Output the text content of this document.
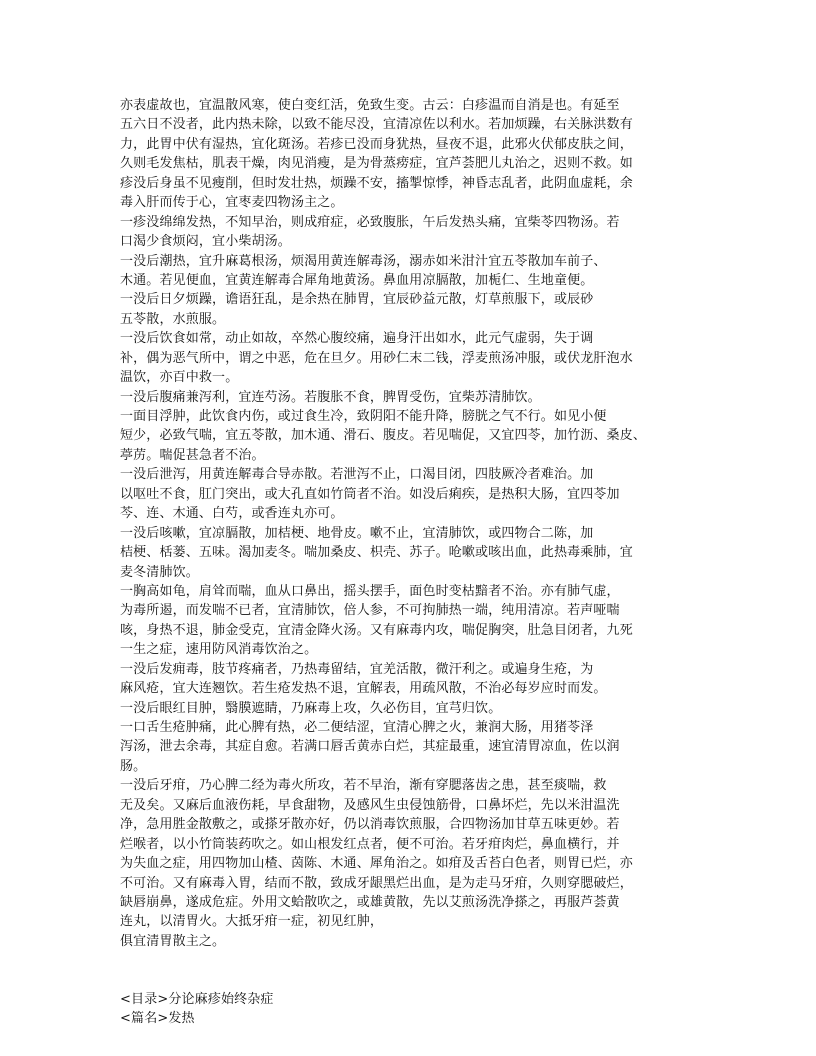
亦表虚故也，宜温散风寒，使白变红活，免致生变。古云：白疹温而自消是也。有延至
五六日不没者，此内热未除，以致不能尽没，宜清凉佐以利水。若加烦躁，右关脉洪数有
力，此胃中伏有湿热，宜化斑汤。若疹已没而身犹热，昼夜不退，此邪火伏郁皮肤之间，
久则毛发焦枯，肌表干燥，肉见消瘦，是为骨蒸痨症，宜芦荟肥儿丸治之，迟则不救。如
疹没后身虽不见瘦削，但时发壮热，烦躁不安，搐掣惊悸，神昏志乱者，此阴血虚耗，余
毒入肝而传于心，宜枣麦四物汤主之。
一疹没绵绵发热，不知早治，则成疳症，必致腹胀，午后发热头痛，宜柴苓四物汤。若
口渴少食烦闷，宜小柴胡汤。
一没后潮热，宜升麻葛根汤，烦渴用黄连解毒汤，溺赤如米泔汁宜五苓散加车前子、
木通。若见便血，宜黄连解毒合犀角地黄汤。鼻血用凉膈散，加栀仁、生地童便。
一没后日夕烦躁，谵语狂乱，是余热在肺胃，宜辰砂益元散，灯草煎服下，或辰砂
五苓散，水煎服。
一没后饮食如常，动止如故，卒然心腹绞痛，遍身汗出如水，此元气虚弱，失于调
补，偶为恶气所中，谓之中恶，危在旦夕。用砂仁末二钱，浮麦煎汤冲服，或伏龙肝泡水
温饮，亦百中救一。
一没后腹痛兼泻利，宜连芍汤。若腹胀不食，脾胃受伤，宜柴苏清肺饮。
一面目浮肿，此饮食内伤，或过食生冷，致阴阳不能升降，膀胱之气不行。如见小便
短少，必致气喘，宜五苓散，加木通、滑石、腹皮。若见喘促，又宜四苓，加竹沥、桑皮、
葶苈。喘促甚急者不治。
一没后泄泻，用黄连解毒合导赤散。若泄泻不止，口渴目闭，四肢厥冷者难治。加
以呕吐不食，肛门突出，或大孔直如竹筒者不治。如没后痢疾，是热积大肠，宜四苓加
芩、连、木通、白芍，或香连丸亦可。
一没后咳嗽，宜凉膈散，加桔梗、地骨皮。嗽不止，宜清肺饮，或四物合二陈，加
桔梗、栝蒌、五味。渴加麦冬。喘加桑皮、枳壳、苏子。呛嗽或咳出血，此热毒乘肺，宜
麦冬清肺饮。
一胸高如龟，肩耸而喘，血从口鼻出，摇头摆手，面色时变枯黯者不治。亦有肺气虚，
为毒所遏，而发喘不已者，宜清肺饮，倍人参，不可拘肺热一端，纯用清凉。若声哑喘
咳，身热不退，肺金受克，宜清金降火汤。又有麻毒内攻，喘促胸突，肚急目闭者，九死
一生之症，速用防风消毒饮治之。
一没后发痈毒，肢节疼痛者，乃热毒留结，宜羌活散，微汗利之。或遍身生疮，为
麻风疮，宜大连翘饮。若生疮发热不退，宜解表，用疏风散，不治必每岁应时而发。
一没后眼红目肿，翳膜遮睛，乃麻毒上攻，久必伤目，宜芎归饮。
一口舌生疮肿痛，此心脾有热，必二便结涩，宜清心脾之火，兼润大肠，用猪苓泽
泻汤，泄去余毒，其症自愈。若满口唇舌黄赤白烂，其症最重，速宜清胃凉血，佐以润
肠。
一没后牙疳，乃心脾二经为毒火所攻，若不早治，渐有穿腮落齿之患，甚至痰喘，救
无及矣。又麻后血液伤耗，早食甜物，及感风生虫侵蚀筋骨，口鼻坏烂，先以米泔温洗
净，急用胜金散敷之，或搽牙散亦好，仍以消毒饮煎服，合四物汤加甘草五味更妙。若
烂喉者，以小竹筒装药吹之。如山根发红点者，便不可治。若牙疳肉烂，鼻血横行，并
为失血之症，用四物加山楂、茵陈、木通、犀角治之。如疳及舌苔白色者，则胃已烂，亦
不可治。又有麻毒入胃，结而不散，致成牙龈黑烂出血，是为走马牙疳，久则穿腮破烂，
缺唇崩鼻，遂成危症。外用文蛤散吹之，或雄黄散，先以艾煎汤洗净搽之，再服芦荟黄
连丸，以清胃火。大抵牙疳一症，初见红肿，
俱宜清胃散主之。
<目录>分论麻疹始终杂症
<篇名>发热
